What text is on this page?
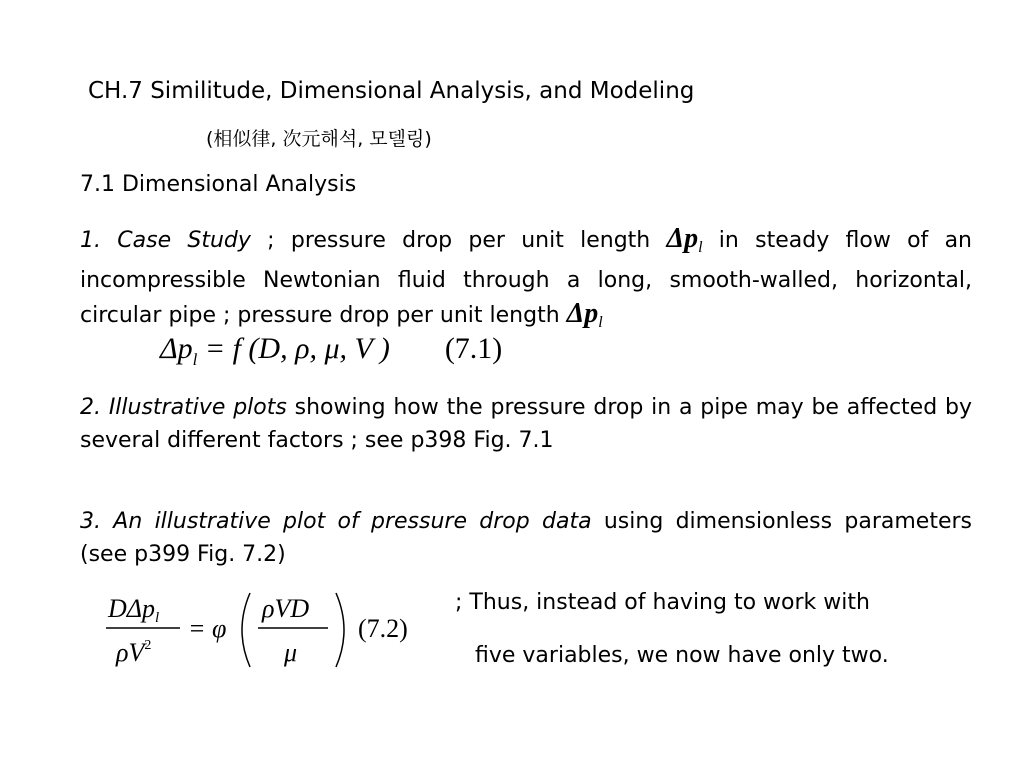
CH.7 Similitude, Dimensional Analysis, and Modeling
(相似律, 次元해석, 모델링)
7.1 Dimensional Analysis
1. Case Study ; pressure drop per unit length $\Delta p_l$ in steady flow of an incompressible Newtonian fluid through a long, smooth-walled, horizontal, circular pipe ; pressure drop per unit length $\Delta p_l$
$\Delta p_l = f$ (D, ρ, μ, V ) (7.1)
2. Illustrative plots showing how the pressure drop in a pipe may be affected by several different factors ; see p398 Fig. 7.1
3. An illustrative plot of pressure drop data using dimensionless parameters (see p399 Fig. 7.2)
DΔpl
$\rho V^2$
= φ
ρVD
μ
(7.2)
; Thus, instead of having to work with
five variables, we now have only two.
